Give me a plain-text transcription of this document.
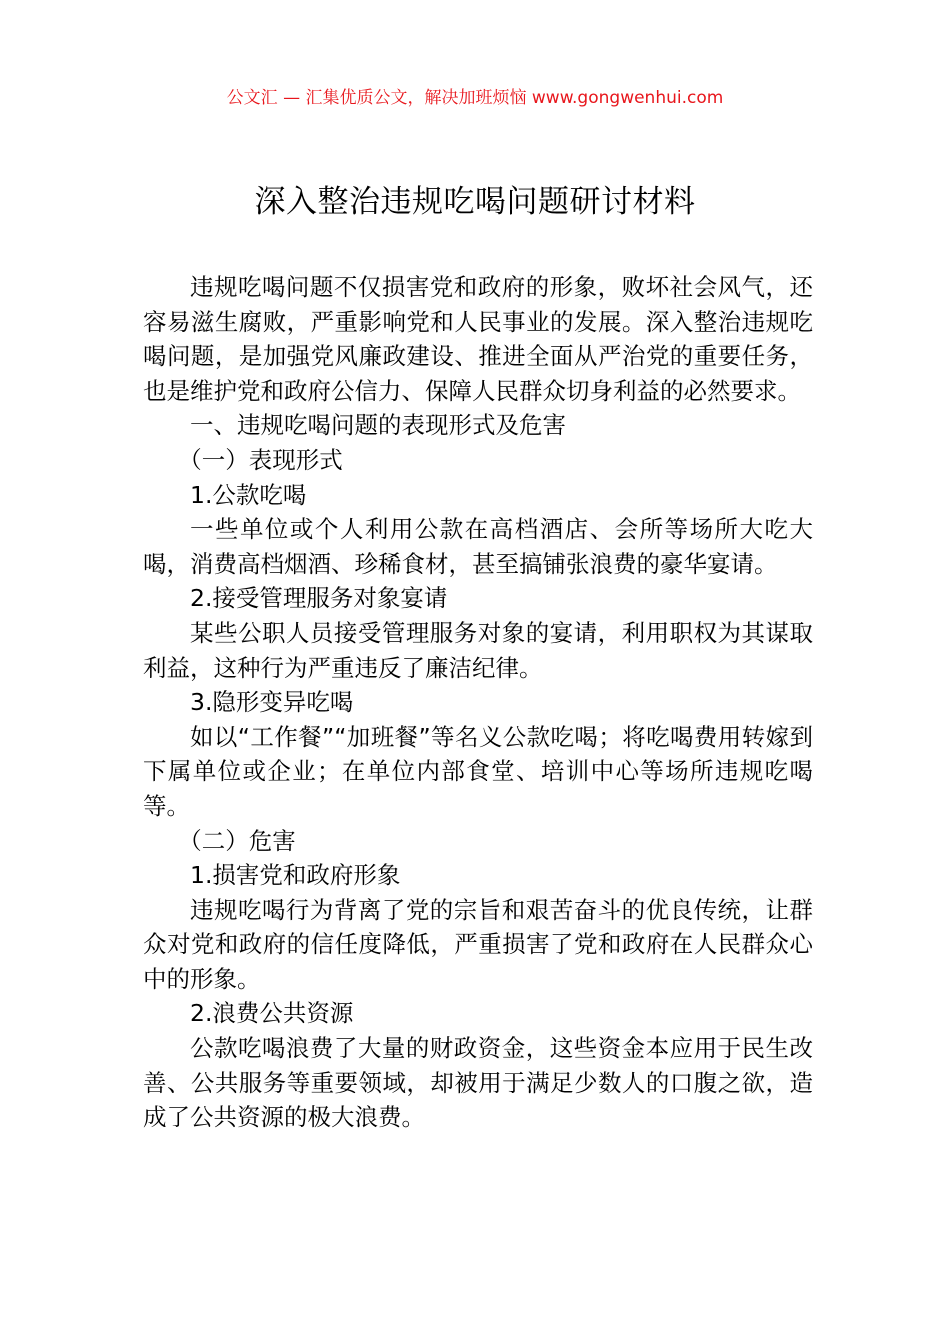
公文汇 — 汇集优质公文，解决加班烦恼 www.gongwenhui.com
深入整治违规吃喝问题研讨材料

违规吃喝问题不仅损害党和政府的形象，败坏社会风气，还容易滋生腐败，严重影响党和人民事业的发展。深入整治违规吃喝问题，是加强党风廉政建设、推进全面从严治党的重要任务，也是维护党和政府公信力、保障人民群众切身利益的必然要求。

一、违规吃喝问题的表现形式及危害

（一）表现形式

1.公款吃喝

一些单位或个人利用公款在高档酒店、会所等场所大吃大喝，消费高档烟酒、珍稀食材，甚至搞铺张浪费的豪华宴请。

2.接受管理服务对象宴请

某些公职人员接受管理服务对象的宴请，利用职权为其谋取利益，这种行为严重违反了廉洁纪律。

3.隐形变异吃喝

如以“工作餐”“加班餐”等名义公款吃喝；将吃喝费用转嫁到下属单位或企业；在单位内部食堂、培训中心等场所违规吃喝等。

（二）危害

1.损害党和政府形象

违规吃喝行为背离了党的宗旨和艰苦奋斗的优良传统，让群众对党和政府的信任度降低，严重损害了党和政府在人民群众心中的形象。

2.浪费公共资源

公款吃喝浪费了大量的财政资金，这些资金本应用于民生改善、公共服务等重要领域，却被用于满足少数人的口腹之欲，造成了公共资源的极大浪费。
